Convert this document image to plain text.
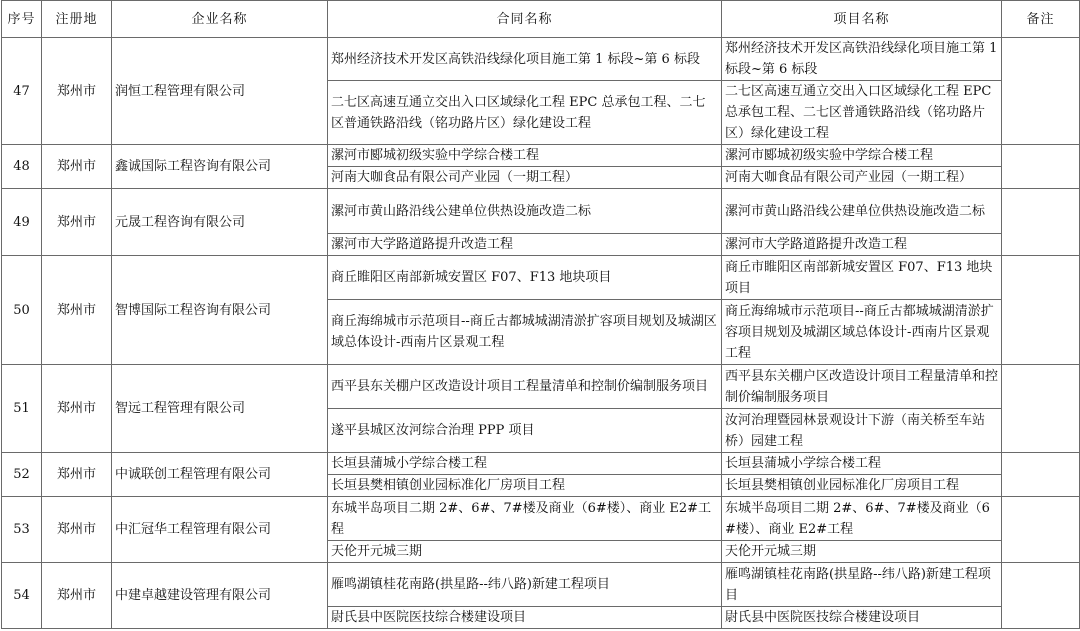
序号	注册地	企业名称	合同名称	项目名称	备注
47	郑州市	润恒工程管理有限公司	郑州经济技术开发区高铁沿线绿化项目施工第 1 标段~第 6 标段	郑州经济技术开发区高铁沿线绿化项目施工第 1 标段~第 6 标段	
			二七区高速互通立交出入口区域绿化工程 EPC 总承包工程、二七区普通铁路沿线（铭功路片区）绿化建设工程	二七区高速互通立交出入口区域绿化工程 EPC 总承包工程、二七区普通铁路沿线（铭功路片区）绿化建设工程	
48	郑州市	鑫诚国际工程咨询有限公司	漯河市郾城初级实验中学综合楼工程	漯河市郾城初级实验中学综合楼工程	
			河南大咖食品有限公司产业园（一期工程）	河南大咖食品有限公司产业园（一期工程）	
49	郑州市	元晟工程咨询有限公司	漯河市黄山路沿线公建单位供热设施改造二标	漯河市黄山路沿线公建单位供热设施改造二标	
			漯河市大学路道路提升改造工程	漯河市大学路道路提升改造工程	
50	郑州市	智博国际工程咨询有限公司	商丘睢阳区南部新城安置区 F07、F13 地块项目	商丘市睢阳区南部新城安置区 F07、F13 地块项目	
			商丘海绵城市示范项目--商丘古都城城湖清淤扩容项目规划及城湖区域总体设计-西南片区景观工程	商丘海绵城市示范项目--商丘古都城城湖清淤扩容项目规划及城湖区域总体设计-西南片区景观工程	
51	郑州市	智远工程管理有限公司	西平县东关棚户区改造设计项目工程量清单和控制价编制服务项目	西平县东关棚户区改造设计项目工程量清单和控制价编制服务项目	
			遂平县城区汝河综合治理 PPP 项目	汝河治理暨园林景观设计下游（南关桥至车站桥）园建工程	
52	郑州市	中诚联创工程管理有限公司	长垣县蒲城小学综合楼工程	长垣县蒲城小学综合楼工程	
			长垣县樊相镇创业园标准化厂房项目工程	长垣县樊相镇创业园标准化厂房项目工程	
53	郑州市	中汇冠华工程管理有限公司	东城半岛项目二期 2#、6#、7#楼及商业（6#楼）、商业 E2#工程	东城半岛项目二期 2#、6#、7#楼及商业（6#楼）、商业 E2#工程	
			天伦开元城三期	天伦开元城三期	
54	郑州市	中建卓越建设管理有限公司	雁鸣湖镇桂花南路(拱星路--纬八路)新建工程项目	雁鸣湖镇桂花南路(拱星路--纬八路)新建工程项目	
			尉氏县中医院医技综合楼建设项目	尉氏县中医院医技综合楼建设项目	
